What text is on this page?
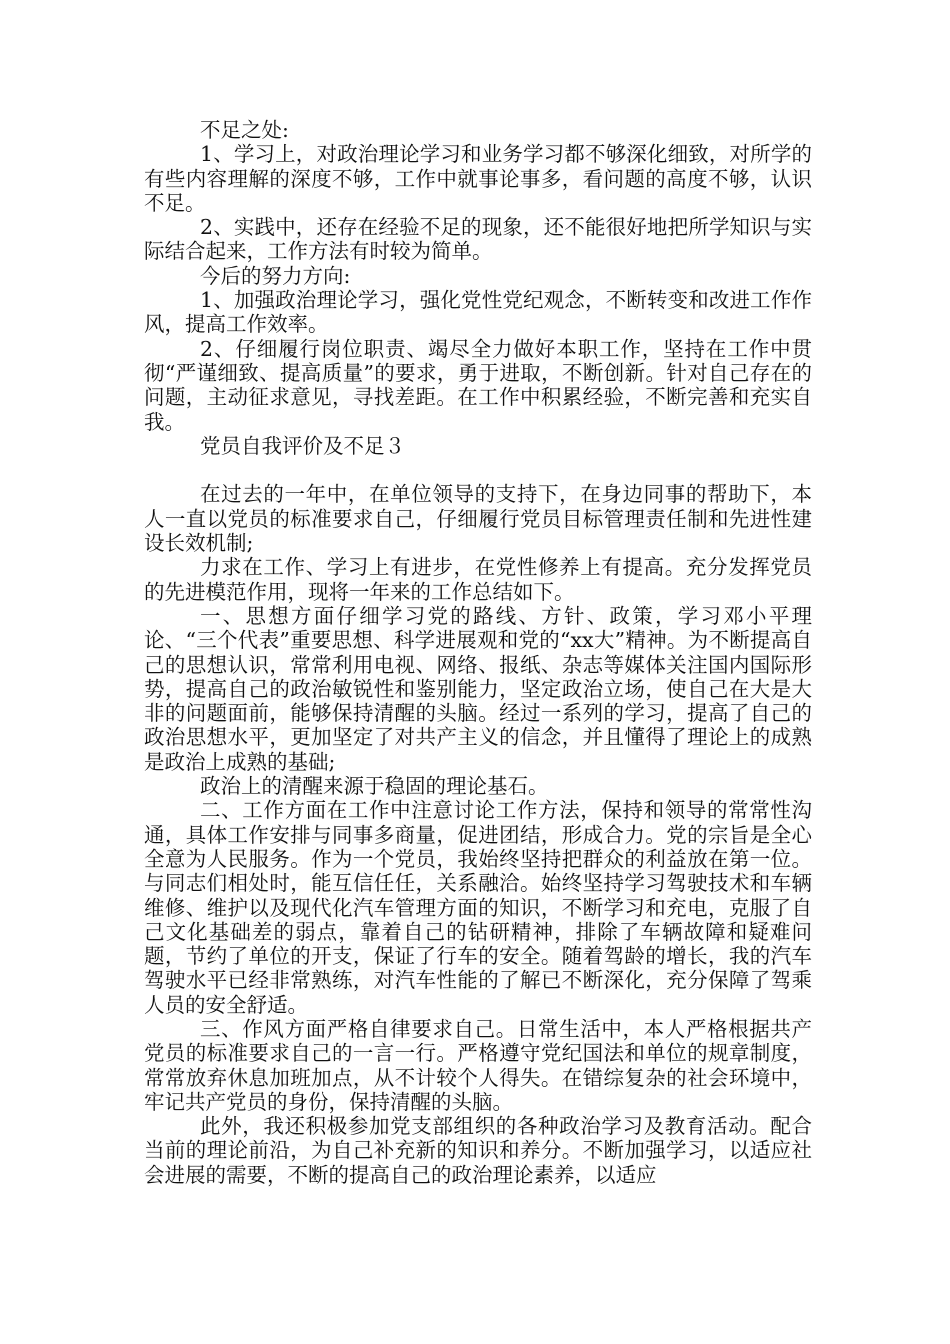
不足之处:

1、学习上，对政治理论学习和业务学习都不够深化细致，对所学的有些内容理解的深度不够，工作中就事论事多，看问题的高度不够，认识不足。

2、实践中，还存在经验不足的现象，还不能很好地把所学知识与实际结合起来，工作方法有时较为简单。

今后的努力方向:

1、加强政治理论学习，强化党性党纪观念，不断转变和改进工作作风，提高工作效率。

2、仔细履行岗位职责、竭尽全力做好本职工作，坚持在工作中贯彻“严谨细致、提高质量”的要求，勇于进取，不断创新。针对自己存在的问题，主动征求意见，寻找差距。在工作中积累经验，不断完善和充实自我。

党员自我评价及不足３

在过去的一年中，在单位领导的支持下，在身边同事的帮助下，本人一直以党员的标准要求自己，仔细履行党员目标管理责任制和先进性建设长效机制;

力求在工作、学习上有进步，在党性修养上有提高。充分发挥党员的先进模范作用，现将一年来的工作总结如下。

一、思想方面仔细学习党的路线、方针、政策，学习邓小平理论、“三个代表”重要思想、科学进展观和党的“xx大”精神。为不断提高自己的思想认识，常常利用电视、网络、报纸、杂志等媒体关注国内国际形势，提高自己的政治敏锐性和鉴别能力，坚定政治立场，使自己在大是大非的问题面前，能够保持清醒的头脑。经过一系列的学习，提高了自己的政治思想水平，更加坚定了对共产主义的信念，并且懂得了理论上的成熟是政治上成熟的基础;

政治上的清醒来源于稳固的理论基石。

二、工作方面在工作中注意讨论工作方法，保持和领导的常常性沟通，具体工作安排与同事多商量，促进团结，形成合力。党的宗旨是全心全意为人民服务。作为一个党员，我始终坚持把群众的利益放在第一位。与同志们相处时，能互信任任，关系融洽。始终坚持学习驾驶技术和车辆维修、维护以及现代化汽车管理方面的知识，不断学习和充电，克服了自己文化基础差的弱点，靠着自己的钻研精神，排除了车辆故障和疑难问题，节约了单位的开支，保证了行车的安全。随着驾龄的增长，我的汽车驾驶水平已经非常熟练，对汽车性能的了解已不断深化，充分保障了驾乘人员的安全舒适。

三、作风方面严格自律要求自己。日常生活中，本人严格根据共产党员的标准要求自己的一言一行。严格遵守党纪国法和单位的规章制度，常常放弃休息加班加点，从不计较个人得失。在错综复杂的社会环境中，牢记共产党员的身份，保持清醒的头脑。

此外，我还积极参加党支部组织的各种政治学习及教育活动。配合当前的理论前沿，为自己补充新的知识和养分。不断加强学习，以适应社会进展的需要，不断的提高自己的政治理论素养，以适应
